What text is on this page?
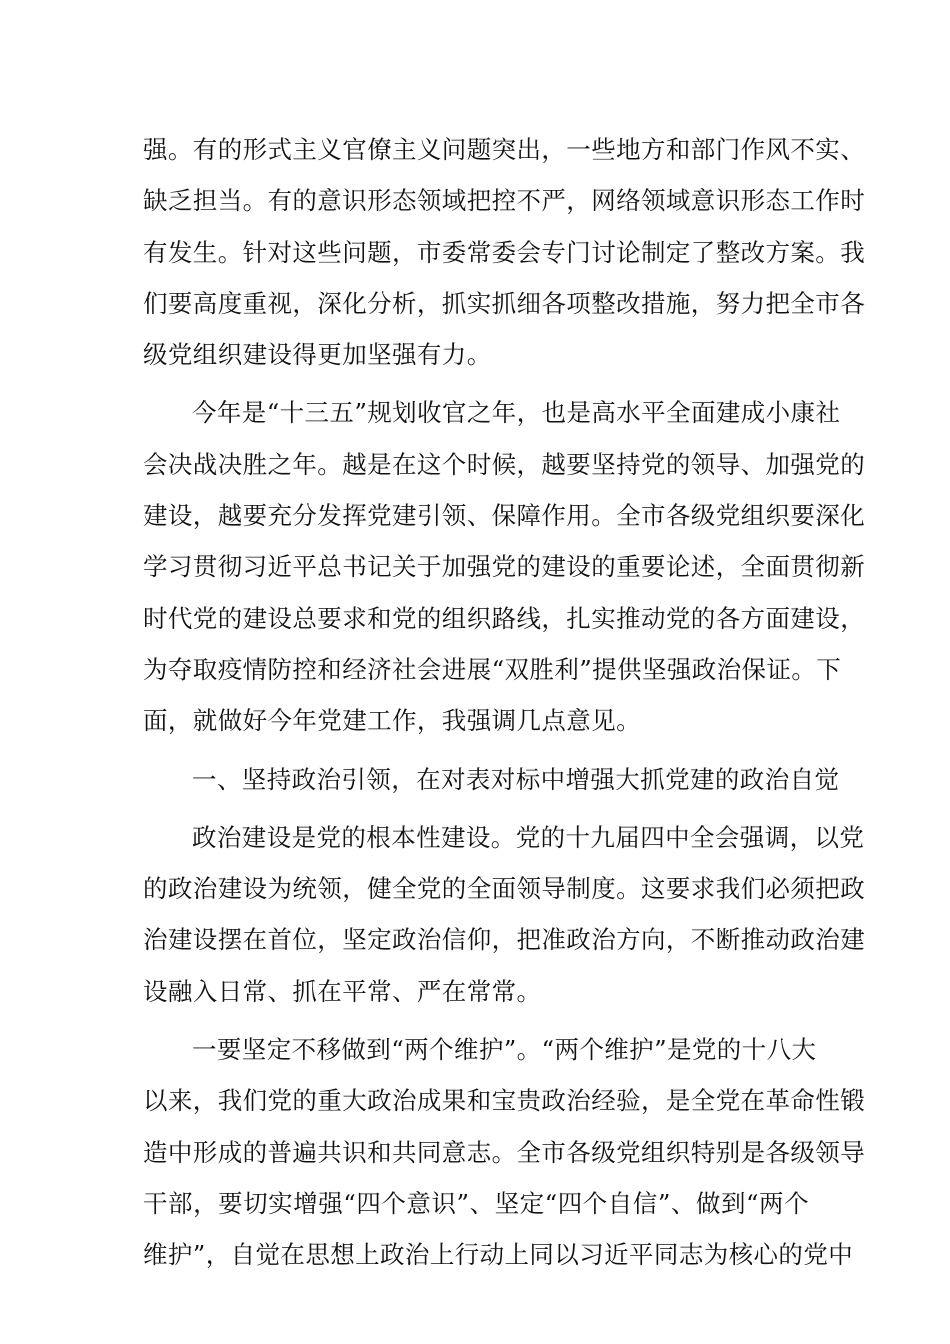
强。有的形式主义官僚主义问题突出，一些地方和部门作风不实、
缺乏担当。有的意识形态领域把控不严，网络领域意识形态工作时
有发生。针对这些问题，市委常委会专门讨论制定了整改方案。我
们要高度重视，深化分析，抓实抓细各项整改措施，努力把全市各
级党组织建设得更加坚强有力。
今年是“十三五”规划收官之年，也是高水平全面建成小康社
会决战决胜之年。越是在这个时候，越要坚持党的领导、加强党的
建设，越要充分发挥党建引领、保障作用。全市各级党组织要深化
学习贯彻习近平总书记关于加强党的建设的重要论述，全面贯彻新
时代党的建设总要求和党的组织路线，扎实推动党的各方面建设，
为夺取疫情防控和经济社会进展“双胜利”提供坚强政治保证。下
面，就做好今年党建工作，我强调几点意见。
一、坚持政治引领，在对表对标中增强大抓党建的政治自觉
政治建设是党的根本性建设。党的十九届四中全会强调，以党
的政治建设为统领，健全党的全面领导制度。这要求我们必须把政
治建设摆在首位，坚定政治信仰，把准政治方向，不断推动政治建
设融入日常、抓在平常、严在常常。
一要坚定不移做到“两个维护”。“两个维护”是党的十八大
以来，我们党的重大政治成果和宝贵政治经验，是全党在革命性锻
造中形成的普遍共识和共同意志。全市各级党组织特别是各级领导
干部，要切实增强“四个意识”、坚定“四个自信”、做到“两个
维护”，自觉在思想上政治上行动上同以习近平同志为核心的党中
